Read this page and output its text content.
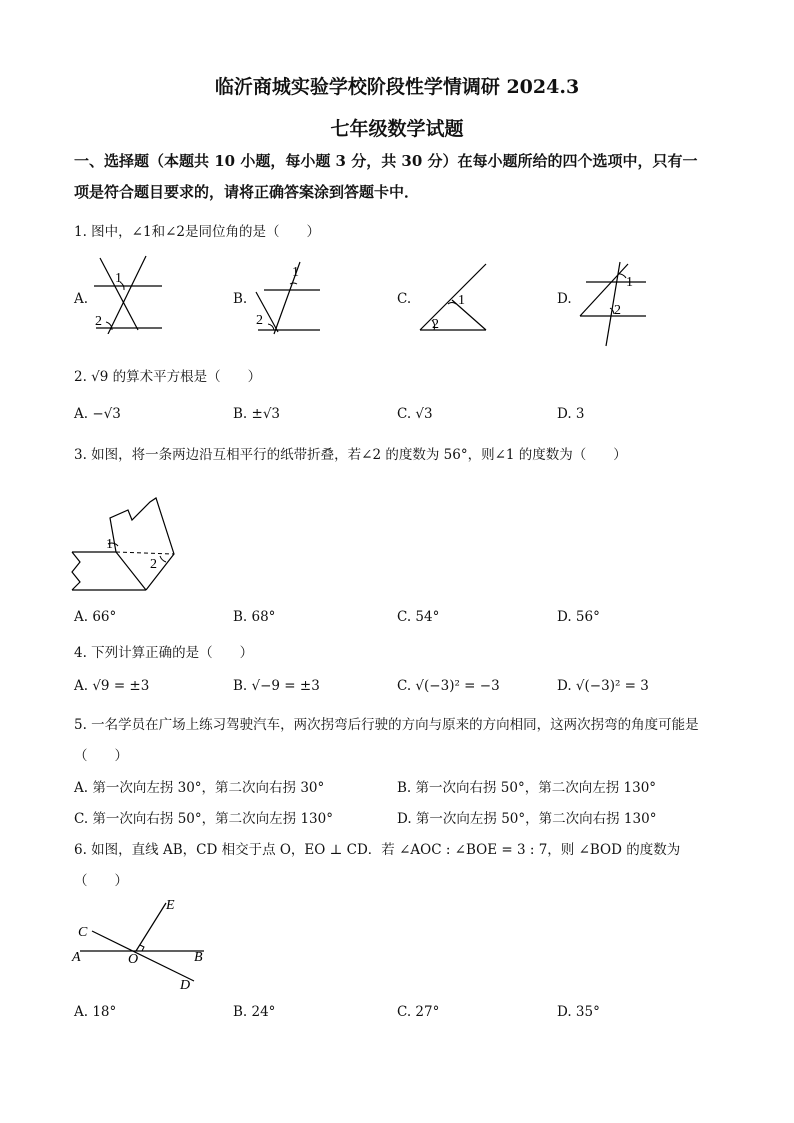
临沂商城实验学校阶段性学情调研 2024.3
七年级数学试题
一、选择题（本题共 10 小题，每小题 3 分，共 30 分）在每小题所给的四个选项中，只有一
项是符合题目要求的，请将正确答案涂到答题卡中．
1. 图中，∠1和∠2是同位角的是（　　）
A.
1
2
B.
1
2
C.	1
2
D.
1
2
2. √9 的算术平方根是（　　）
A. −√3	B. ±√3	C. √3	D. 3
3. 如图，将一条两边沿互相平行的纸带折叠，若∠2 的度数为 56°，则∠1 的度数为（　　）
1
2
A. 66°	B. 68°	C. 54°	D. 56°
4. 下列计算正确的是（　　）
A. √9 = ±3	B. √−9 = ±3	C. √(−3)² = −3	D. √(−3)² = 3
5. 一名学员在广场上练习驾驶汽车，两次拐弯后行驶的方向与原来的方向相同，这两次拐弯的角度可能是
（　　）
A. 第一次向左拐 30°，第二次向右拐 30°	B. 第一次向右拐 50°，第二次向左拐 130°
C. 第一次向右拐 50°，第二次向左拐 130°	D. 第一次向左拐 50°，第二次向右拐 130°
6. 如图，直线 AB，CD 相交于点 O，EO ⊥ CD．若 ∠AOC : ∠BOE = 3 : 7，则 ∠BOD 的度数为
（　　）
C
A	O	B
D
E
A. 18°	B. 24°	C. 27°	D. 35°
